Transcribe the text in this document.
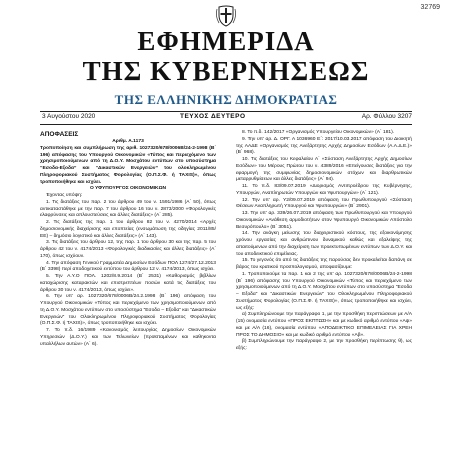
32769
ΕΦΗΜΕΡΙΔΑ
ΤΗΣ ΚΥΒΕΡΝΗΣΕΩΣ
ΤΗΣ ΕΛΛΗΝΙΚΗΣ ΔΗΜΟΚΡΑΤΙΑΣ
3 Αυγούστου 2020	ΤΕΥΧΟΣ ΔΕΥΤΕΡΟ	Αρ. Φύλλου 3207

ΑΠΟΦΑΣΕΙΣ

Αριθμ. Α.1173

Τροποποίηση και συμπλήρωση της αριθ. 1027320/678/0006Β/24-2-1998 (Β΄ 196) απόφασης του Υπουργού Οικονομικών «Τύπος και περιεχόμενο των χρησιμοποιούμενων από τη Δ.Ο.Υ. Μοσχάτου εντύπων στο υποσύστημα “Εσοδα-Εξοδα” και “Δικαστικών Ενεργειών” του ολοκληρωμένου Πληροφοριακού Συστήματος Φορολογίας (Ο.Π.Σ.Φ. ή TAXIS)», όπως τροποποιήθηκε και ισχύει.

Ο ΥΦΥΠΟΥΡΓΟΣ ΟΙΚΟΝΟΜΙΚΩΝ

Έχοντας υπόψη:

1. Τις διατάξεις του παρ. 2 του άρθρου 49 του ν. 1591/1986 (Α΄ 50), όπως αντικαταστάθηκε με την παρ. 7 του άρθρου 16 του ν. 2873/2000 «Φορολογικές ελαφρύνσεις και απλουστεύσεις και άλλες διατάξεις» (Α΄ 285).

2. Τις διατάξεις της παρ. 1 του άρθρου 82 του ν. 4270/2014 «Αρχές δημοσιονομικής διαχείρισης και εποπτείας (ενσωμάτωση της οδηγίας 2011/85/ΕΕ) – δημόσιο λογιστικό και άλλες διατάξεις» (Α΄ 143).

3. Τις διατάξεις του άρθρου 12, της παρ. 1 του άρθρου 30 και της παρ. 5 του άρθρου 42 του ν. 4174/2013 «Φορολογικές διαδικασίες και άλλες διατάξεις» (Α΄ 170), όπως ισχύουν.

4. Την απόφαση Γενικού Γραμματέα Δημοσίων Εσόδων ΠΟΛ 1274/27.12.2013 (Β΄ 3398) περί αποδοχετικού εντύπου του άρθρου 12 ν. 4174/2013, όπως ισχύει.

5. Την Α.Υ.Ο ΠΟΛ. 1202/8.9.2014 (Β΄ 2531) «Καθορισμός βιβλίων καταχώρισης καταρακτών και επιστρεπτέων ποσών κατά τις διατάξεις του άρθρου 30 του ν. 4174/2013, όπως ισχύει».

6. Την υπ' αρ. 1027320/678/0006Β/24.2.1998 (Β΄ 196) απόφαση του Υπουργού Οικονομικών «Τύπος και περιεχόμενο των χρησιμοποιούμενων από τη Δ.Ο.Υ. Μοσχάτου εντύπων στο υποσύστημα “Εσοδα – Εξοδα” και “Δικαστικών Ενεργειών” του Ολοκληρωμένου Πληροφοριακού Συστήματος Φορολογίας (Ο.Π.Σ.Φ. ή TAXIS)», όπως τροποποιήθηκε και ισχύει.

7. Το π.δ. 16/1989 «Κανονισμός λειτουργίας Δημοσίων Οικονομικών Υπηρεσιών (Δ.Ο.Υ.) και των Τελωνείων (προϊσταμένων και καθηκοντα υπαλλήλων αυτών» (Α΄ 6).

8. Το π.δ. 142/2017 «Οργανισμός Υπουργείου Οικονομικών» (Α΄ 181).

9. Την υπ' αρ. Δ. ΟΡΓ. Α 1036960 Ε΄: 2017/10.03.2017 απόφαση του Διοικητή της ΑΑΔΕ «Οργανισμός της Ανεξάρτητης Αρχής Δημοσίων Εσόδων (Α.Α.Δ.Ε.)» (Β΄ 968).

10. Τις διατάξεις του Κεφαλαίου Α΄ «Σύσταση Ανεξάρτητης Αρχής Δημοσίων Εσόδων» του Μέρους Πρώτου του ν. 4389/2016 «Επείγουσες διατάξεις για την εφαρμογή της συμφωνίας δημοσιονομικών στόχων και διαρθρωτικών μεταρρυθμίσεων και άλλες διατάξεις» (Α΄ 94).

11. Το π.δ. 83/09.07.2019 «Διορισμός Αντιπροέδρου της Κυβέρνησης, Υπουργών, Αναπληρωτών Υπουργών και Υφυπουργών» (Α΄ 121).

12. Την υπ' αρ. Υ2/09.07.2019 απόφαση του Πρωθυπουργού «Σύσταση Θέσεων Αναπληρωτή Υπουργού και Υφυπουργών» (Β΄ 2901).

13. Την υπ' αρ. 339/26.07.2019 απόφαση των Πρωθυπουργού και Υπουργού Οικονομικών «Ανάθεση αρμοδιοτήτων στον Υφυπουργό Οικονομικών Απόστολο Βεσυρόπουλο» (Β΄ 3051).

14. Την ανάγκη μείωσης του διαχειριστικού κόστους, της εξοικονόμησης χρόνου εργασίας και ανθρώπινου δυναμικού καθώς και εξαλείψης της απαιτούμενων από την διαχείριση των προεκτυπωμένων εντύπων των Δ.Ο.Υ. και του αποδεικτικού επιμέλειας.

15. Το γεγονός ότι από τις διατάξεις της παρούσας δεν προκαλείται δαπάνη σε βάρος του κρατικού προϋπολογισμού, αποφασίζουμε:

1. Τροποποιούμε τα παρ. 1 και 2 της υπ' αρ. 1027320/678/0006Β/24-2-1998 (Β΄ 196) απόφασης του Υπουργού Οικονομικών «Τύπος και περιεχόμενο των χρησιμοποιούμενων από τη Δ.Ο.Υ. Μοσχάτου εντύπων στο υποσύστημα “Εσοδα – Εξοδα” και “Δικαστικών Ενεργειών” του Ολοκληρωμένου Πληροφοριακού Συστήματος Φορολογίας (Ο.Π.Σ.Φ. ή TAXIS)», όπως τροποποιήθηκε και ισχύει, ως εξής:

α) Συμπληρώνουμε την παράγραφο 1, με την προσθήκη περιπτώσεων με Α/Α (15) ονομασία εντύπου «ΠΡΟΣ ΕΚΠΤΩΣΗ» και με κωδικό αριθμό εντύπου «Αψ» και με Α/Α (16), ονομασία εντύπου «ΑΠΟΔΕΙΚΤΙΚΟ ΕΠΙΜΕΛΕΙΑΣ ΓΙΑ ΧΡΕΗ ΠΡΟΣ ΤΟ ΔΗΜΟΣΙΟ» και με κωδικό αριθμό εντύπου «Αβ».

β) Συμπληρώνουμε την παράγραφο 2, με την προσθήκη περίπτωσης θ), ως εξής:
